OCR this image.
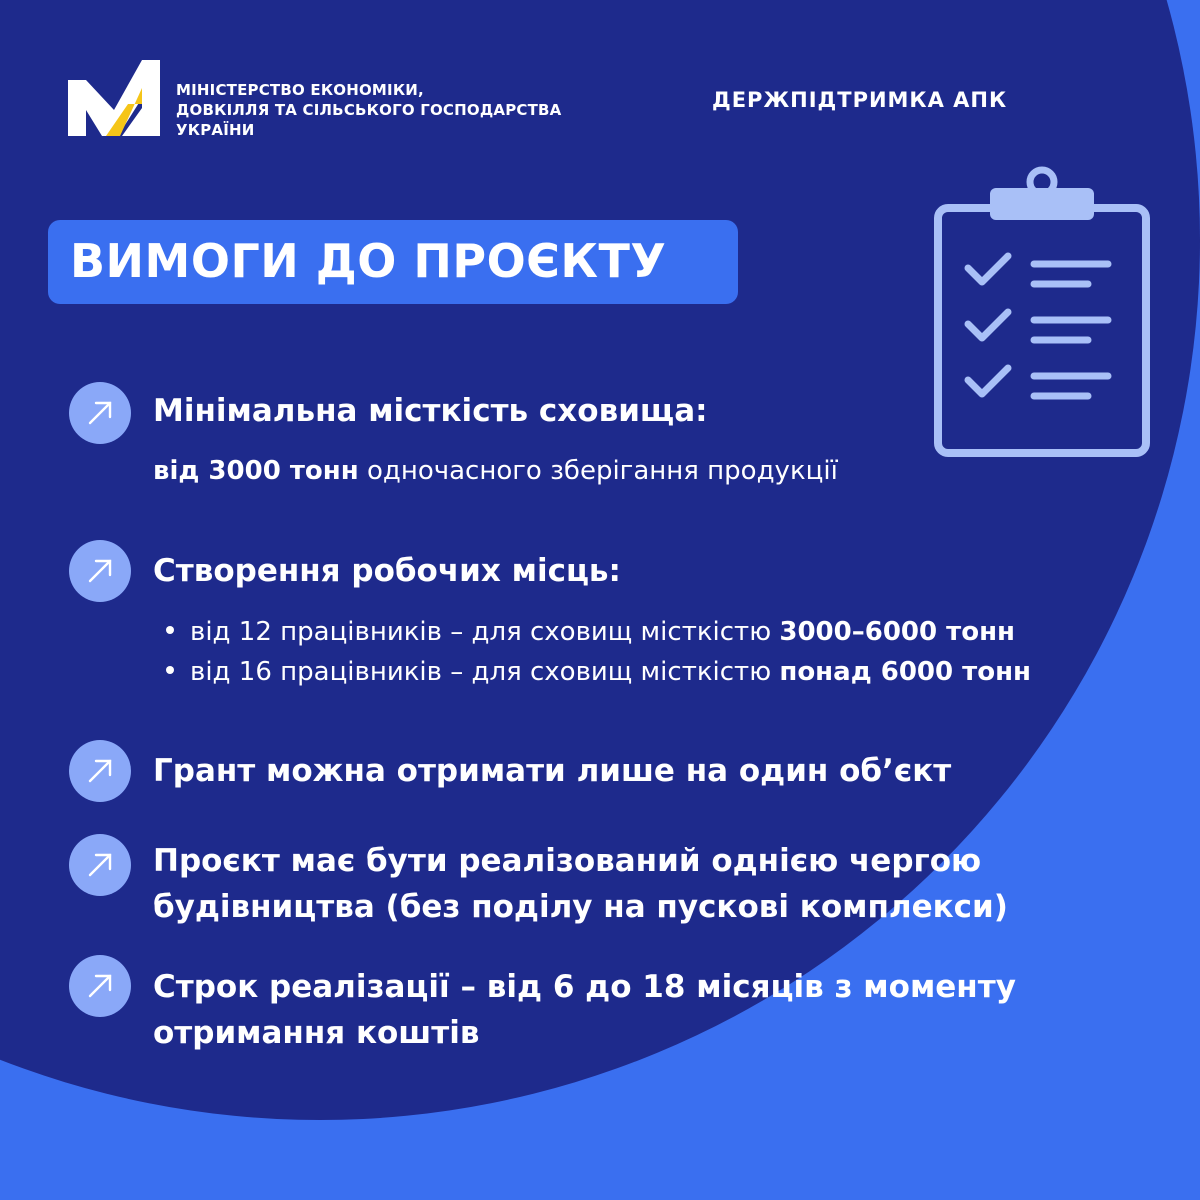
МІНІСТЕРСТВО ЕКОНОМІКИ,
ДОВКІЛЛЯ ТА СІЛЬСЬКОГО ГОСПОДАРСТВА
УКРАЇНИ
ДЕРЖПІДТРИМКА АПК
ВИМОГИ ДО ПРОЄКТУ
Мінімальна місткість сховища:
від 3000 тонн одночасного зберігання продукції
Створення робочих місць:
від 12 працівників – для сховищ місткістю 3000–6000 тонн
від 16 працівників – для сховищ місткістю понад 6000 тонн
Грант можна отримати лише на один об’єкт
Проєкт має бути реалізований однією чергою
будівництва (без поділу на пускові комплекси)
Строк реалізації – від 6 до 18 місяців з моменту
отримання коштів
